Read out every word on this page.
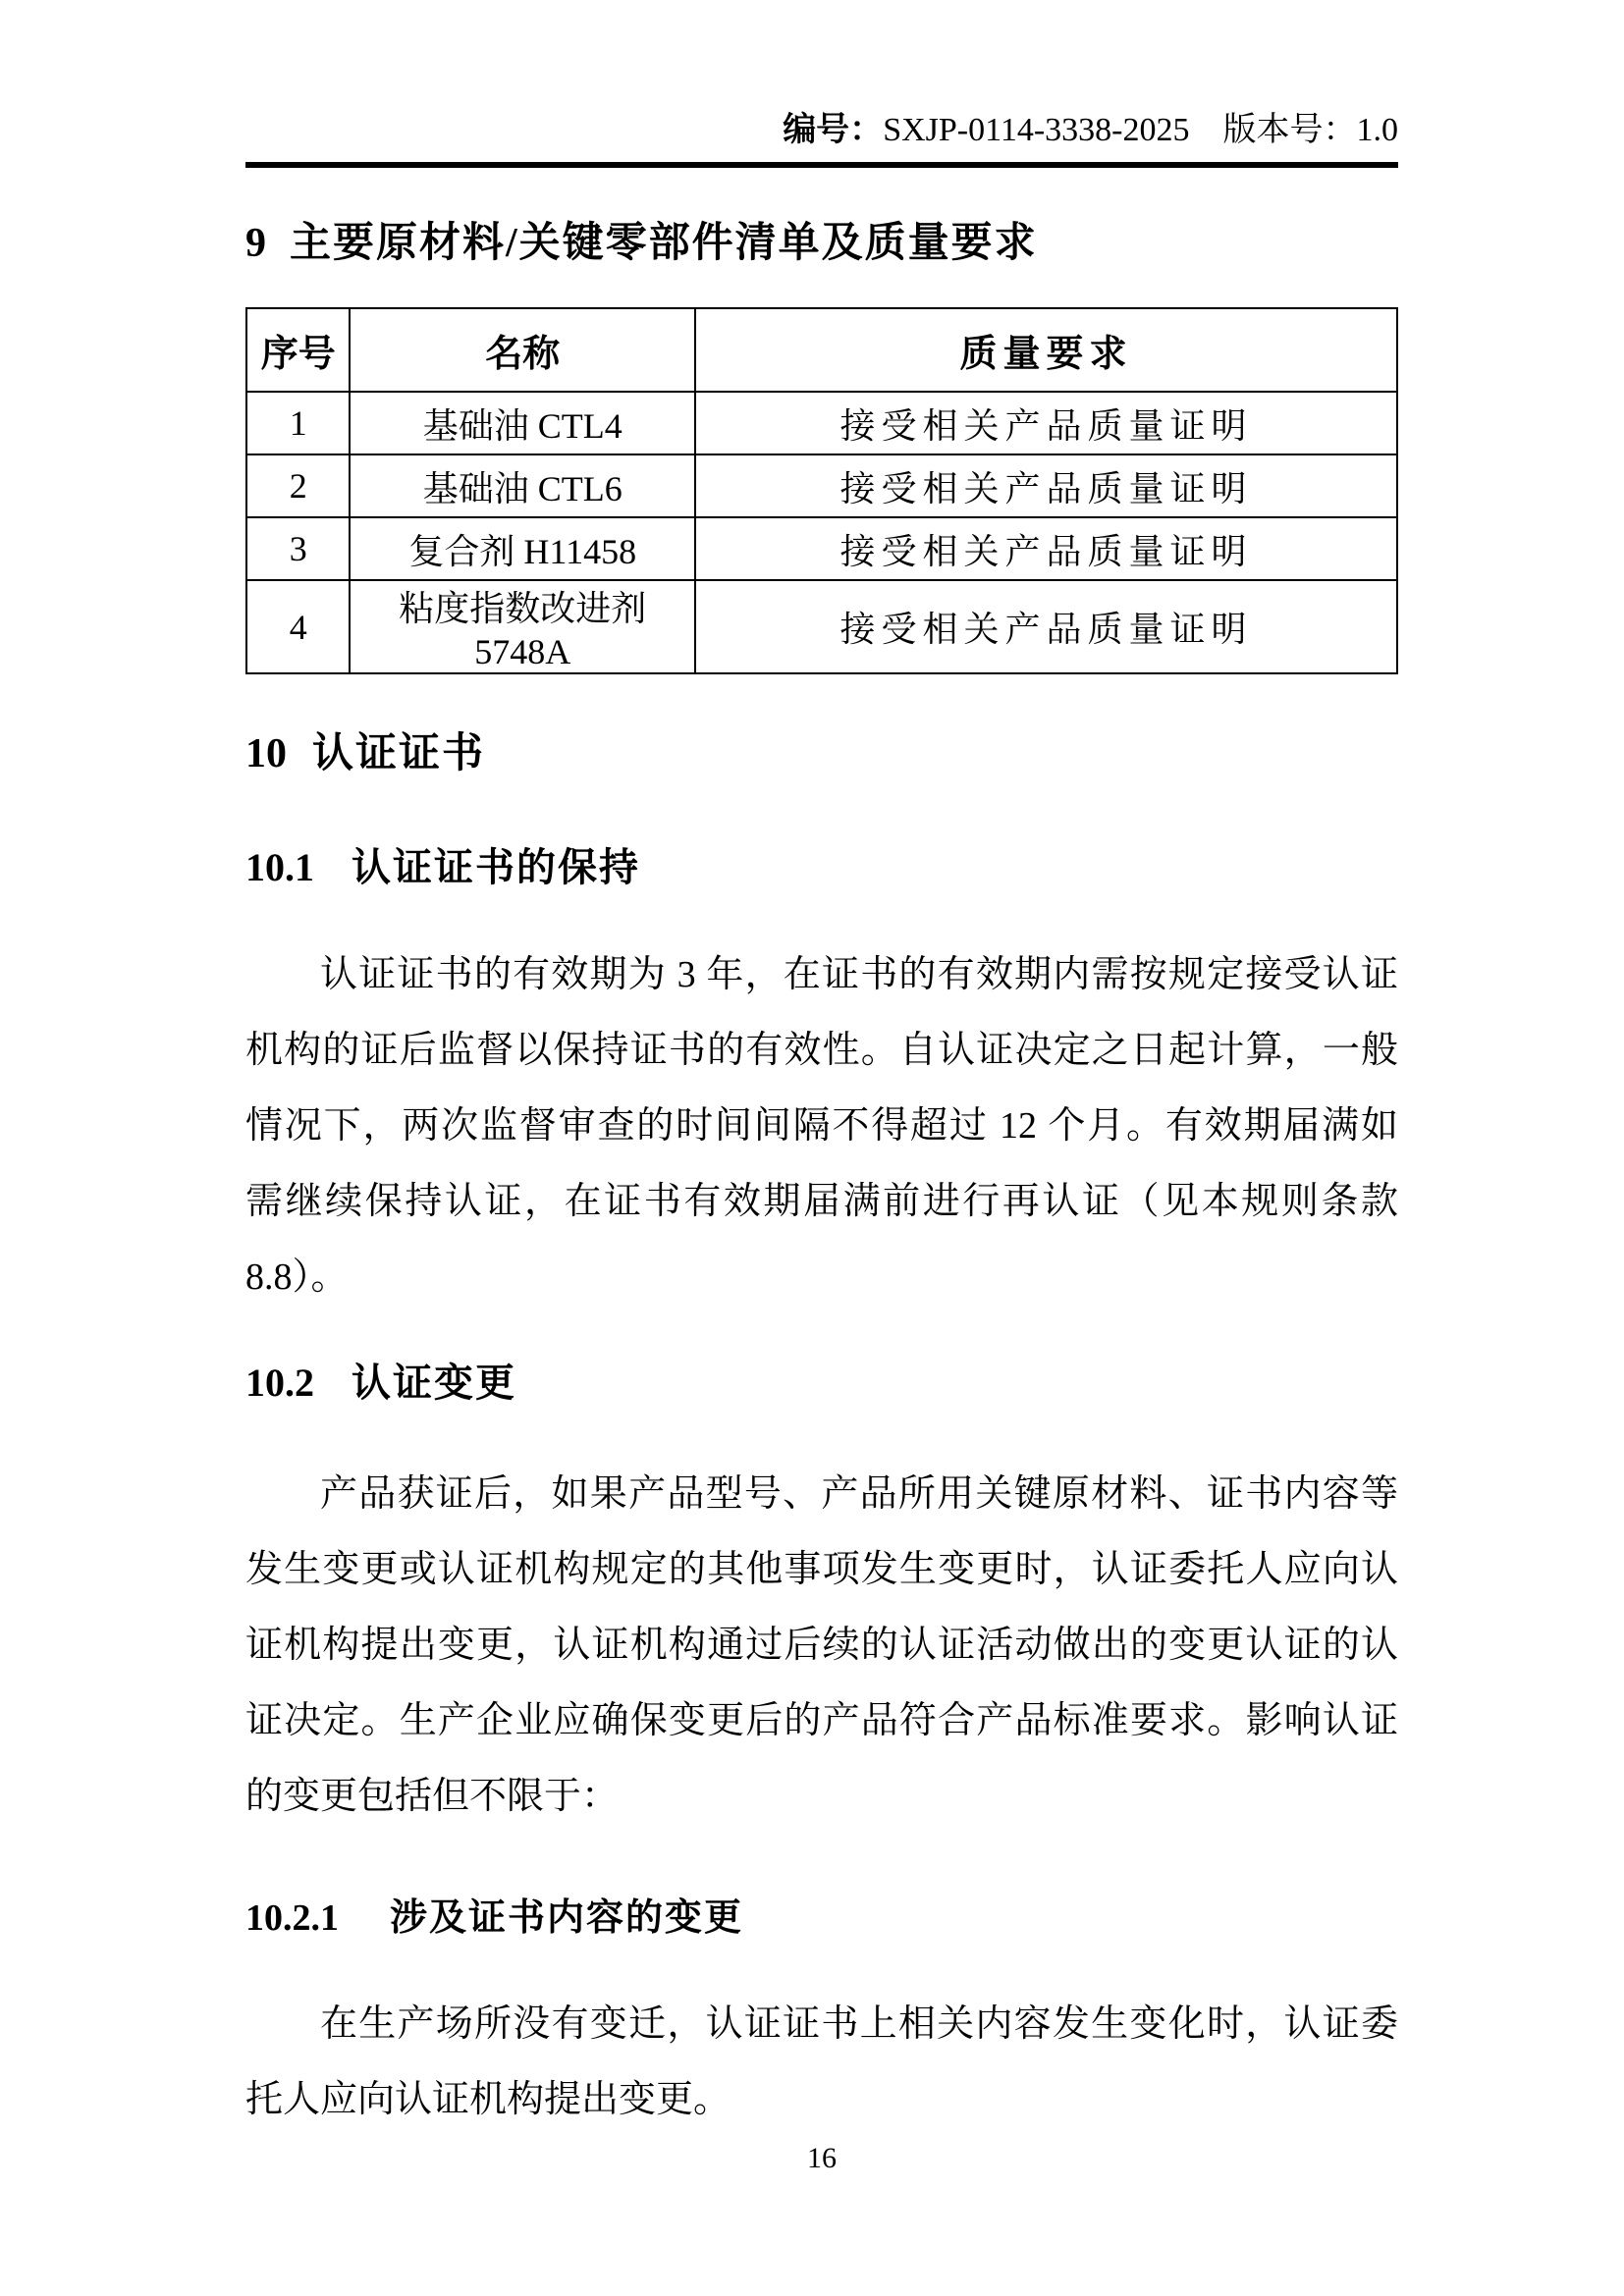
编号：SXJP-0114-3338-2025 版本号：1.0
9 主要原材料/关键零部件清单及质量要求
序号	名称	质量要求
1	基础油 CTL4	接受相关产品质量证明
2	基础油 CTL6	接受相关产品质量证明
3	复合剂 H11458	接受相关产品质量证明
4	粘度指数改进剂 5748A	接受相关产品质量证明
10 认证证书
10.1 认证证书的保持
认证证书的有效期为 3 年，在证书的有效期内需按规定接受认证
机构的证后监督以保持证书的有效性。自认证决定之日起计算，一般
情况下，两次监督审查的时间间隔不得超过 12 个月。有效期届满如
需继续保持认证，在证书有效期届满前进行再认证（见本规则条款
8.8）。
10.2 认证变更
产品获证后，如果产品型号、产品所用关键原材料、证书内容等
发生变更或认证机构规定的其他事项发生变更时，认证委托人应向认
证机构提出变更，认证机构通过后续的认证活动做出的变更认证的认
证决定。生产企业应确保变更后的产品符合产品标准要求。影响认证
的变更包括但不限于：
10.2.1 涉及证书内容的变更
在生产场所没有变迁，认证证书上相关内容发生变化时，认证委
托人应向认证机构提出变更。
16
